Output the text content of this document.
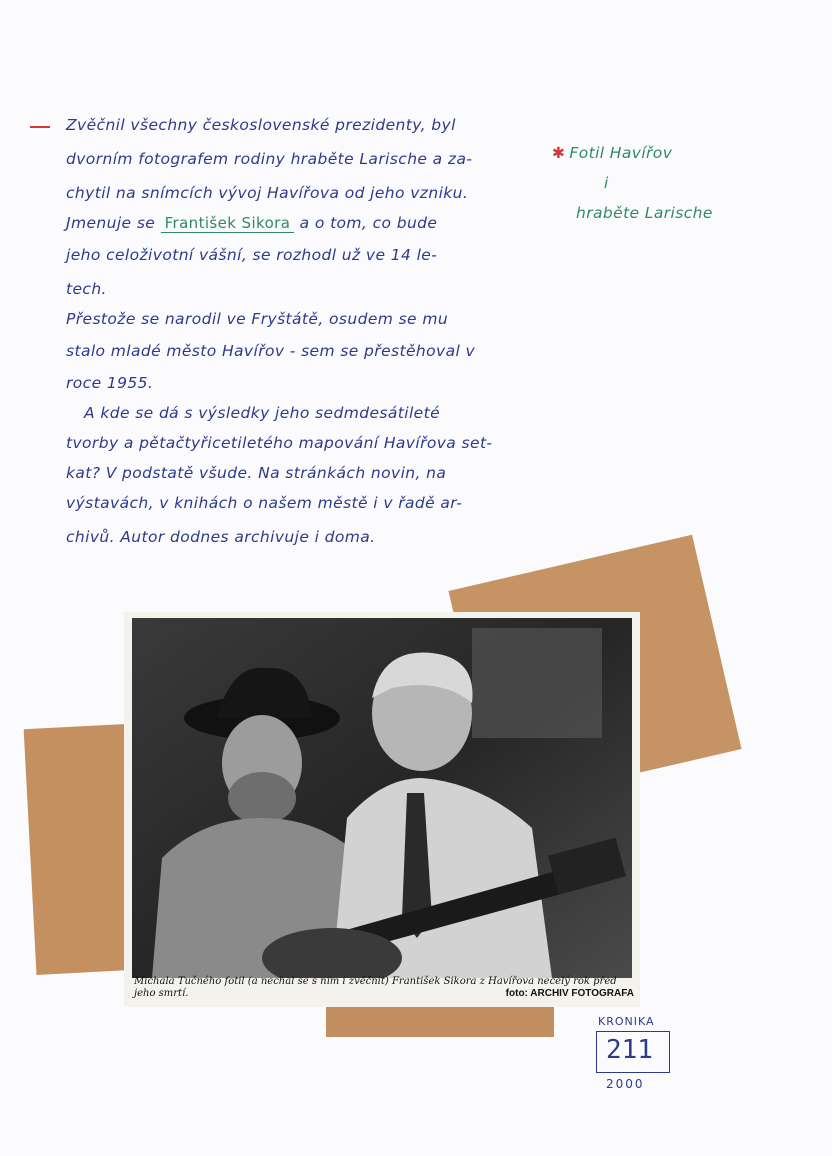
Zvěčnil všechny československé prezidenty, byl
dvorním fotografem rodiny hraběte Larische a za-
chytil na snímcích vývoj Havířova od jeho vzniku.
Jmenuje se František Sikora a o tom, co bude
jeho celoživotní vášní, se rozhodl už ve 14 le-
tech.
Přestože se narodil ve Fryštátě, osudem se mu
stalo mladé město Havířov - sem se přestěhoval v
roce 1955.
A kde se dá s výsledky jeho sedmdesátileté
tvorby a pětačtyřicetiletého mapování Havířova set-
kat? V podstatě všude. Na stránkách novin, na
výstavách, v knihách o našem městě i v řadě ar-
chivů. Autor dodnes archivuje i doma.
✱ Fotil Havířov
i
hraběte Larische
Michala Tučného fotil (a nechal se s ním i zvěčnit) František Sikora z Havířova necelý rok před jeho smrtí.	foto: ARCHIV FOTOGRAFA
KRONIKA
211
2000
